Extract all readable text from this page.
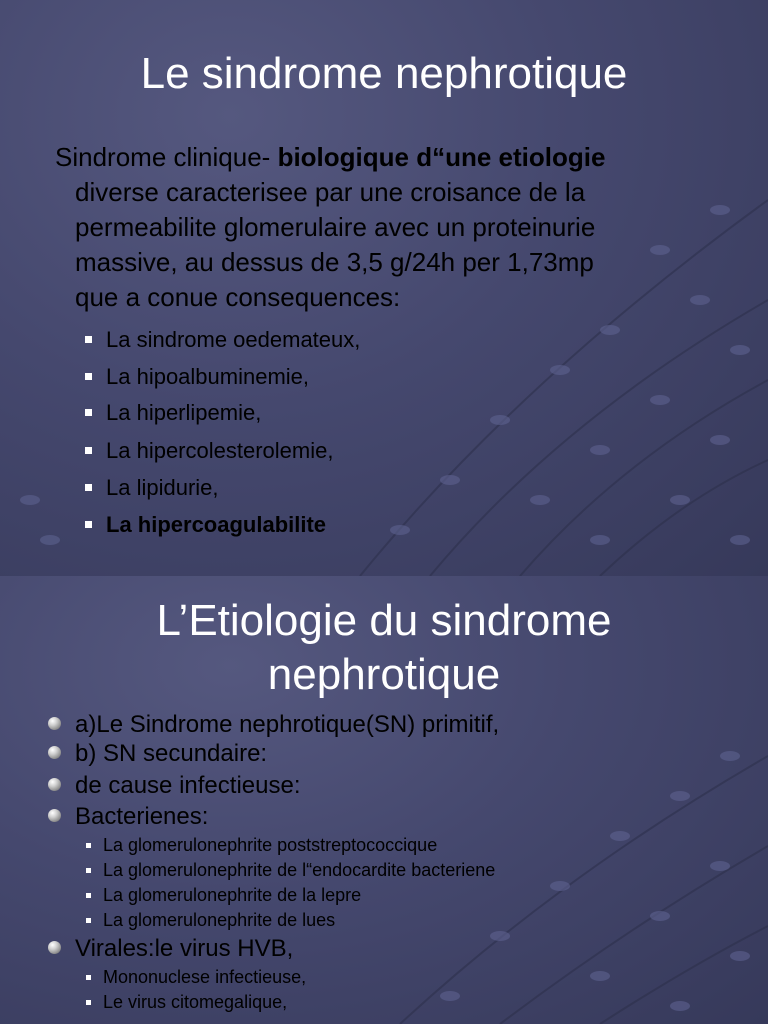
Le sindrome nephrotique
Sindrome clinique- biologique d“une etiologie
diverse caracterisee par une croisance de la
permeabilite glomerulaire avec un proteinurie
massive, au dessus de 3,5 g/24h per 1,73mp
que a conue consequences:
La sindrome oedemateux,
La hipoalbuminemie,
La hiperlipemie,
La hipercolesterolemie,
La lipidurie,
La hipercoagulabilite
L’Etiologie du sindrome
nephrotique
a)Le Sindrome nephrotique(SN) primitif,
b) SN secundaire:
de cause infectieuse:
Bacterienes:
La glomerulonephrite poststreptococcique
La glomerulonephrite de l“endocardite bacteriene
La glomerulonephrite de la lepre
La glomerulonephrite de lues
Virales:le virus HVB,
Mononuclese infectieuse,
Le virus citomegalique,
